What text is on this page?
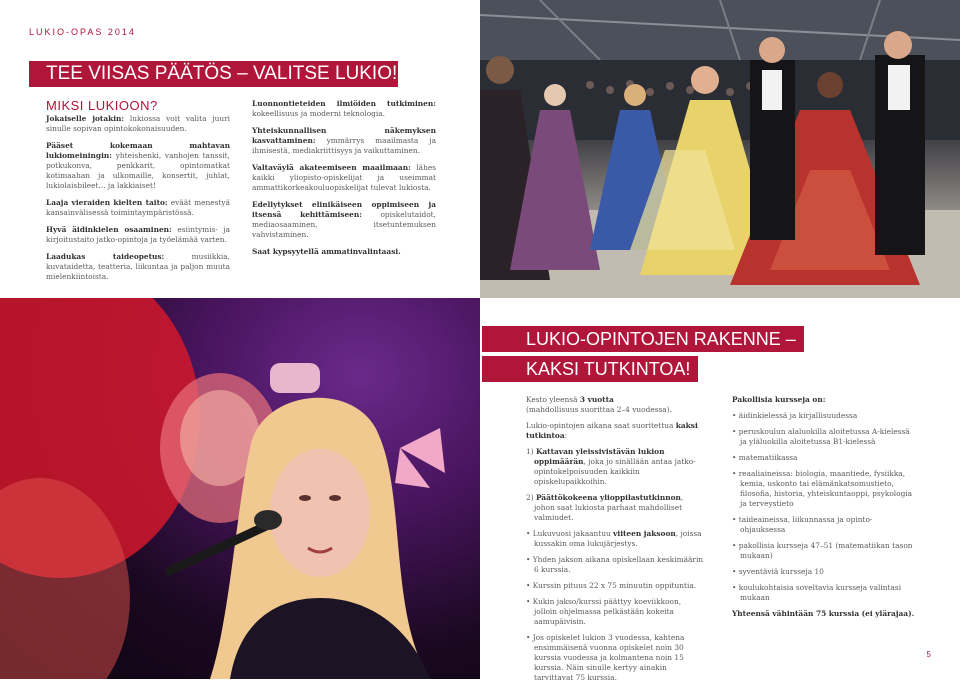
LUKIO-OPAS 2014
TEE VIISAS PÄÄTÖS – VALITSE LUKIO!
MIKSI LUKIOON?

Jokaiselle jotakin: lukiossa voit valita juuri sinulle sopivan opintokokonaisuuden.

Pääset kokemaan mahtavan lukiomeiningin: yhteishenki, vanhojen tanssit, potkukonva, penkkarit, opintomatkat kotimaahan ja ulkomaille, konsertit, juhlat, lukiolaisbileet... ja lakkiaiset!

Laaja vieraiden kielten taito: eväät menestyä kansainvälisessä toimintaympäristössä.

Hyvä äidinkielen osaaminen: esiintymis- ja kirjoitustaito jatko-opintoja ja työelämää varten.

Laadukas taideopetus: musiikkia, kuvataidetta, teatteria, liikuntaa ja paljon muuta mielenkiintoista.

Luonnontieteiden ilmiöiden tutkiminen: kokeellisuus ja moderni teknologia.

Yhteiskunnallisen näkemyksen kasvattaminen: ymmärrys maailmasta ja ihmisestä, mediakriittisyys ja vaikuttaminen.

Valtaväylä akateemiseen maailmaan: lähes kaikki yliopisto-opiskelijat ja useimmat ammattikorkeakouluopiskelijat tulevat lukiosta.

Edellytykset elinikäiseen oppimiseen ja itsensä kehittämiseen: opiskelutaidot, mediaosaaminen, itsetuntemuksen vahvistaminen.

Saat kypsyytellä ammatinvalintaasi.

LUKIO-OPINTOJEN RAKENNE –
KAKSI TUTKINTOA!

Kesto yleensä 3 vuotta
(mahdollisuus suorittaa 2–4 vuodessa).

Lukio-opintojen aikana saat suoritettua kaksi tutkintoa:

1) Kattavan yleissivistävän lukion oppimäärän, joka jo sinällään antaa jatko-opintokelpoisuuden kaikkiin opiskelupaikkoihin.
2) Päättökokeena ylioppilastutkinnon, johon saat lukiosta parhaat mahdolliset valmiudet.
• Lukuvuosi jakaantuu viiteen jaksoon, joissa kussakin oma lukujärjestys.
• Yhden jakson aikana opiskellaan keskimäärin 6 kurssia.
• Kurssin pituus 22 x 75 minuutin oppituntia.
• Kukin jakso/kurssi päättyy koeviikkoon, jolloin ohjelmassa pelkästään kokeita aamupäivisin.
• Jos opiskelet lukion 3 vuodessa, kahtena ensimmäisenä vuonna opiskelet noin 30 kurssia vuodessa ja kolmantena noin 15 kurssia. Näin sinulle kertyy ainakin tarvittavat 75 kurssia.

Pakollisia kursseja on:

• äidinkielessä ja kirjallisuudessa
• peruskoulun alaluokilla aloitetussa A-kielessä ja yläluokilla aloitetussa B1-kielessä
• matematiikassa
• reaaliaineissa: biologia, maantiede, fysiikka, kemia, uskonto tai elämänkatsomustieto, filosofia, historia, yhteiskuntaoppi, psykologia ja terveystieto
• taideaineissa, liikunnassa ja opinto-ohjauksessa
• pakollisia kursseja 47–51 (matematiikan tason mukaan)
• syventäviä kursseja 10
• koulukohtaisia soveltavia kursseja valintasi mukaan

Yhteensä vähintään 75 kurssia (ei ylärajaa).

5
